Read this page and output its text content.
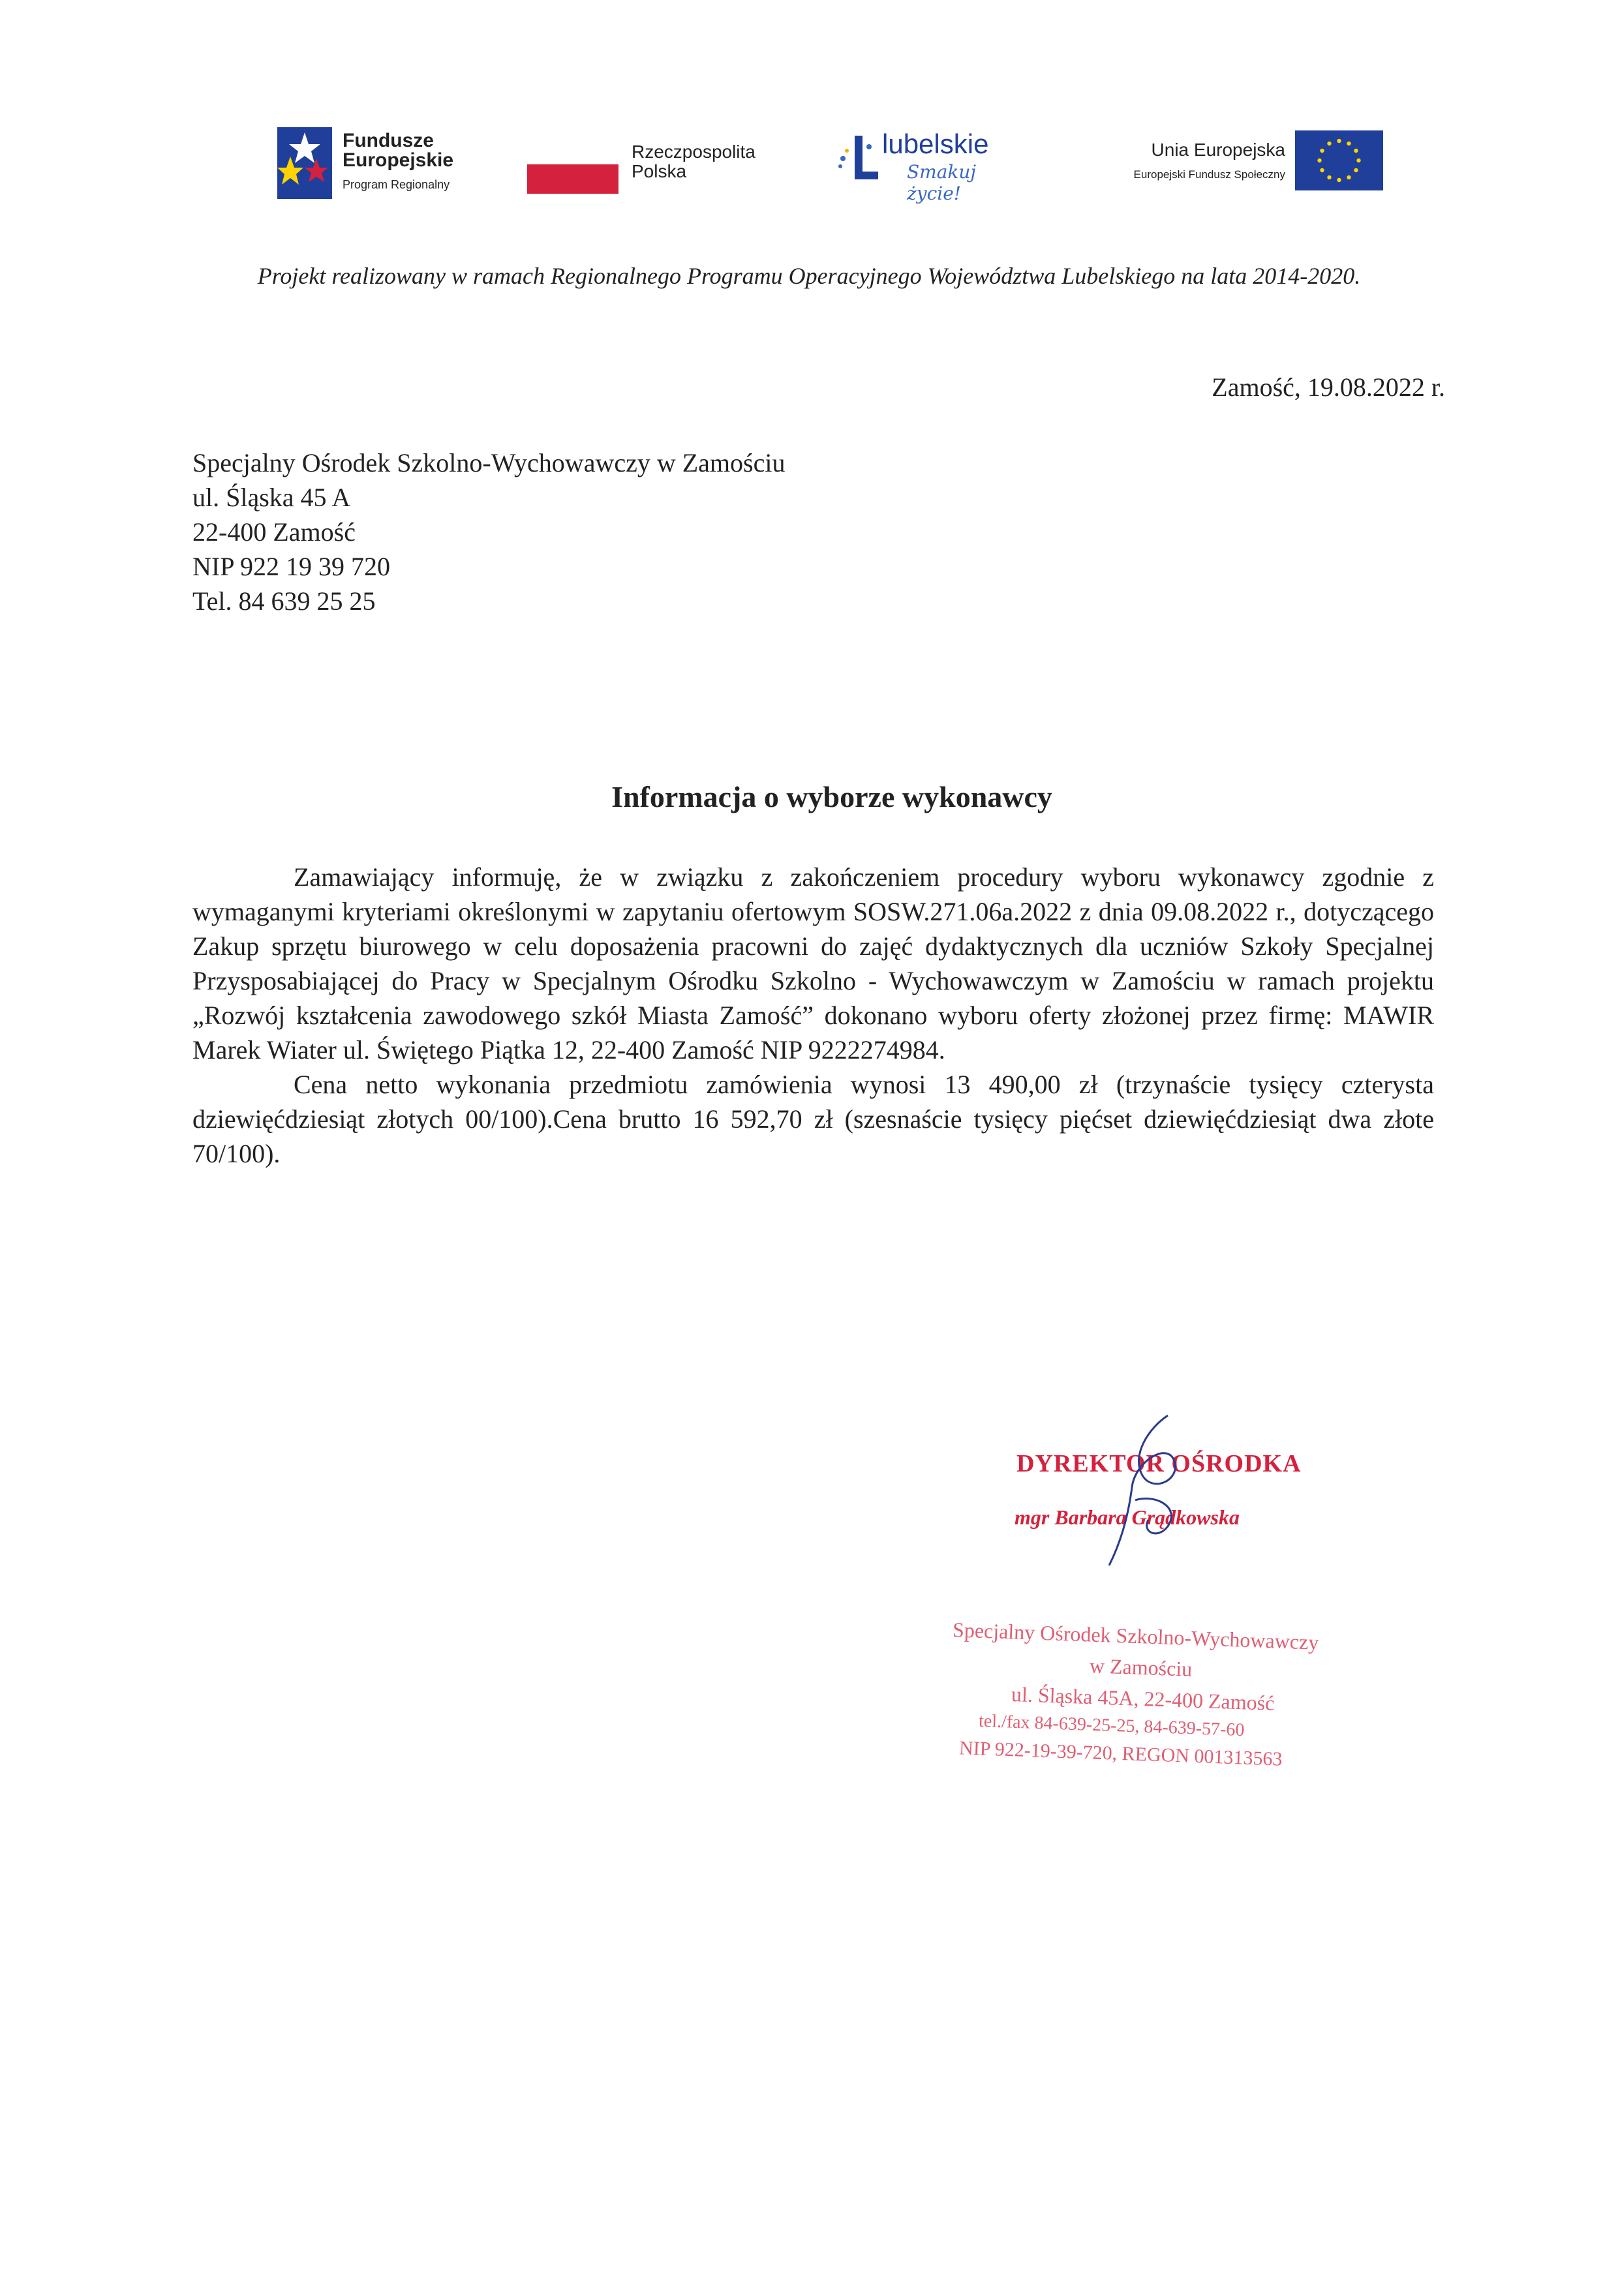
Fundusze Europejskie
Program Regionalny
Rzeczpospolita Polska
lubelskie
Smakuj życie!
Unia Europejska
Europejski Fundusz Społeczny
Projekt realizowany w ramach Regionalnego Programu Operacyjnego Województwa Lubelskiego na lata 2014-2020.
Zamość, 19.08.2022 r.
Specjalny Ośrodek Szkolno-Wychowawczy w Zamościu
ul. Śląska 45 A
22-400 Zamość
NIP 922 19 39 720
Tel. 84 639 25 25
Informacja o wyborze wykonawcy

Zamawiający informuję, że w związku z zakończeniem procedury wyboru wykonawcy zgodnie z wymaganymi kryteriami określonymi w zapytaniu ofertowym SOSW.271.06a.2022 z dnia 09.08.2022 r., dotyczącego Zakup sprzętu biurowego w celu doposażenia pracowni do zajęć dydaktycznych dla uczniów Szkoły Specjalnej Przysposabiającej do Pracy w Specjalnym Ośrodku Szkolno - Wychowawczym w Zamościu w ramach projektu „Rozwój kształcenia zawodowego szkół Miasta Zamość” dokonano wyboru oferty złożonej przez firmę: MAWIR Marek Wiater ul. Świętego Piątka 12, 22-400 Zamość NIP 9222274984.

Cena netto wykonania przedmiotu zamówienia wynosi 13 490,00 zł (trzynaście tysięcy czterysta dziewięćdziesiąt złotych 00/100).Cena brutto 16 592,70 zł (szesnaście tysięcy pięćset dziewięćdziesiąt dwa złote 70/100).

DYREKTOR OŚRODKA
mgr Barbara Grądkowska
Specjalny Ośrodek Szkolno-Wychowawczy
w Zamościu
ul. Śląska 45A, 22-400 Zamość
tel./fax 84-639-25-25, 84-639-57-60
NIP 922-19-39-720, REGON 001313563
